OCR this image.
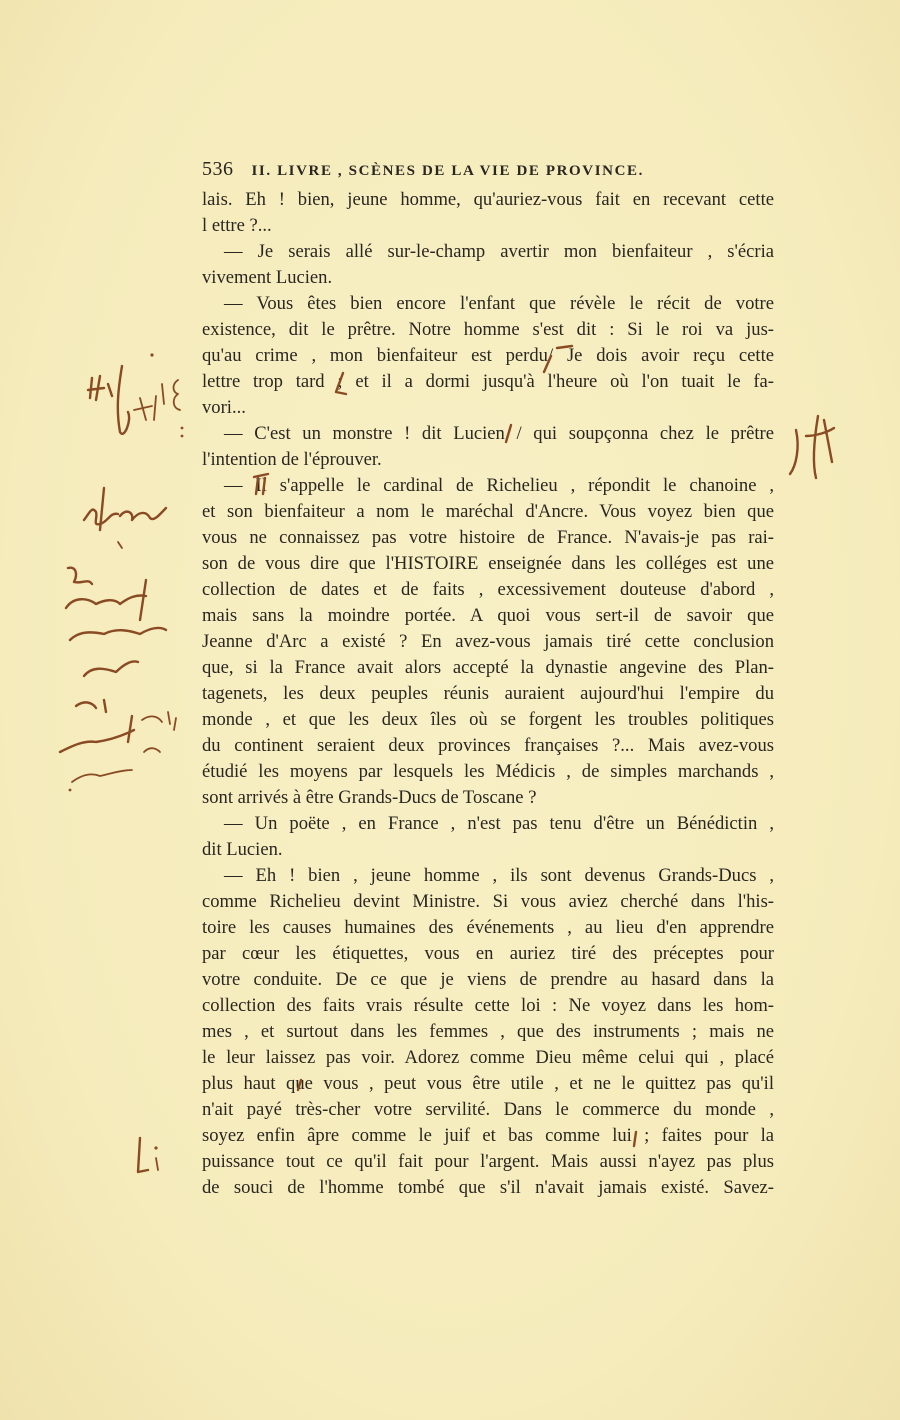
536 II. LIVRE , SCÈNES DE LA VIE DE PROVINCE.
lais. Eh ! bien, jeune homme, qu'auriez-vous fait en recevant cette
l ettre ?...
— Je serais allé sur-le-champ avertir mon bienfaiteur , s'écria
vivement Lucien.
— Vous êtes bien encore l'enfant que révèle le récit de votre
existence, dit le prêtre. Notre homme s'est dit : Si le roi va jus-
qu'au crime , mon bienfaiteur est perdu/ Je dois avoir reçu cette
lettre trop tard ; et il a dormi jusqu'à l'heure où l'on tuait le fa-
vori...
— C'est un monstre ! dit Lucien / qui soupçonna chez le prêtre
l'intention de l'éprouver.
— Il s'appelle le cardinal de Richelieu , répondit le chanoine ,
et son bienfaiteur a nom le maréchal d'Ancre. Vous voyez bien que
vous ne connaissez pas votre histoire de France. N'avais-je pas rai-
son de vous dire que l'HISTOIRE enseignée dans les colléges est une
collection de dates et de faits , excessivement douteuse d'abord ,
mais sans la moindre portée. A quoi vous sert-il de savoir que
Jeanne d'Arc a existé ? En avez-vous jamais tiré cette conclusion
que, si la France avait alors accepté la dynastie angevine des Plan-
tagenets, les deux peuples réunis auraient aujourd'hui l'empire du
monde , et que les deux îles où se forgent les troubles politiques
du continent seraient deux provinces françaises ?... Mais avez-vous
étudié les moyens par lesquels les Médicis , de simples marchands ,
sont arrivés à être Grands-Ducs de Toscane ?
— Un poëte , en France , n'est pas tenu d'être un Bénédictin ,
dit Lucien.
— Eh ! bien , jeune homme , ils sont devenus Grands-Ducs ,
comme Richelieu devint Ministre. Si vous aviez cherché dans l'his-
toire les causes humaines des événements , au lieu d'en apprendre
par cœur les étiquettes, vous en auriez tiré des préceptes pour
votre conduite. De ce que je viens de prendre au hasard dans la
collection des faits vrais résulte cette loi : Ne voyez dans les hom-
mes , et surtout dans les femmes , que des instruments ; mais ne
le leur laissez pas voir. Adorez comme Dieu même celui qui , placé
plus haut que vous , peut vous être utile , et ne le quittez pas qu'il
n'ait payé très-cher votre servilité. Dans le commerce du monde ,
soyez enfin âpre comme le juif et bas comme lui ; faites pour la
puissance tout ce qu'il fait pour l'argent. Mais aussi n'ayez pas plus
de souci de l'homme tombé que s'il n'avait jamais existé. Savez-
